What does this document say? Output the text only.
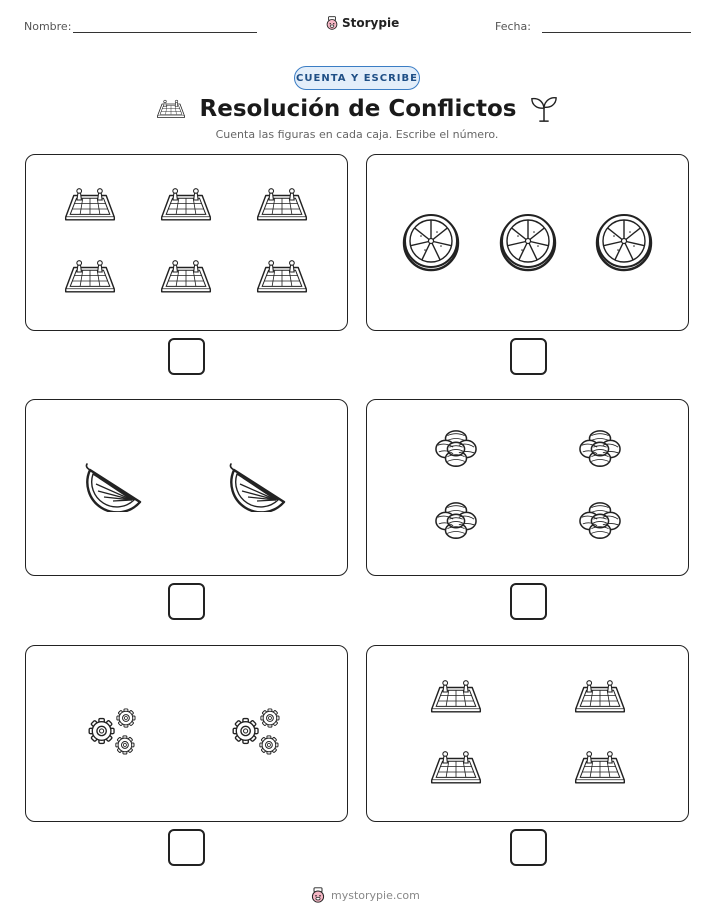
Nombre:	Storypie	Fecha:
CUENTA Y ESCRIBE
Resolución de Conflictos
Cuenta las figuras en cada caja. Escribe el número.
mystorypie.com
